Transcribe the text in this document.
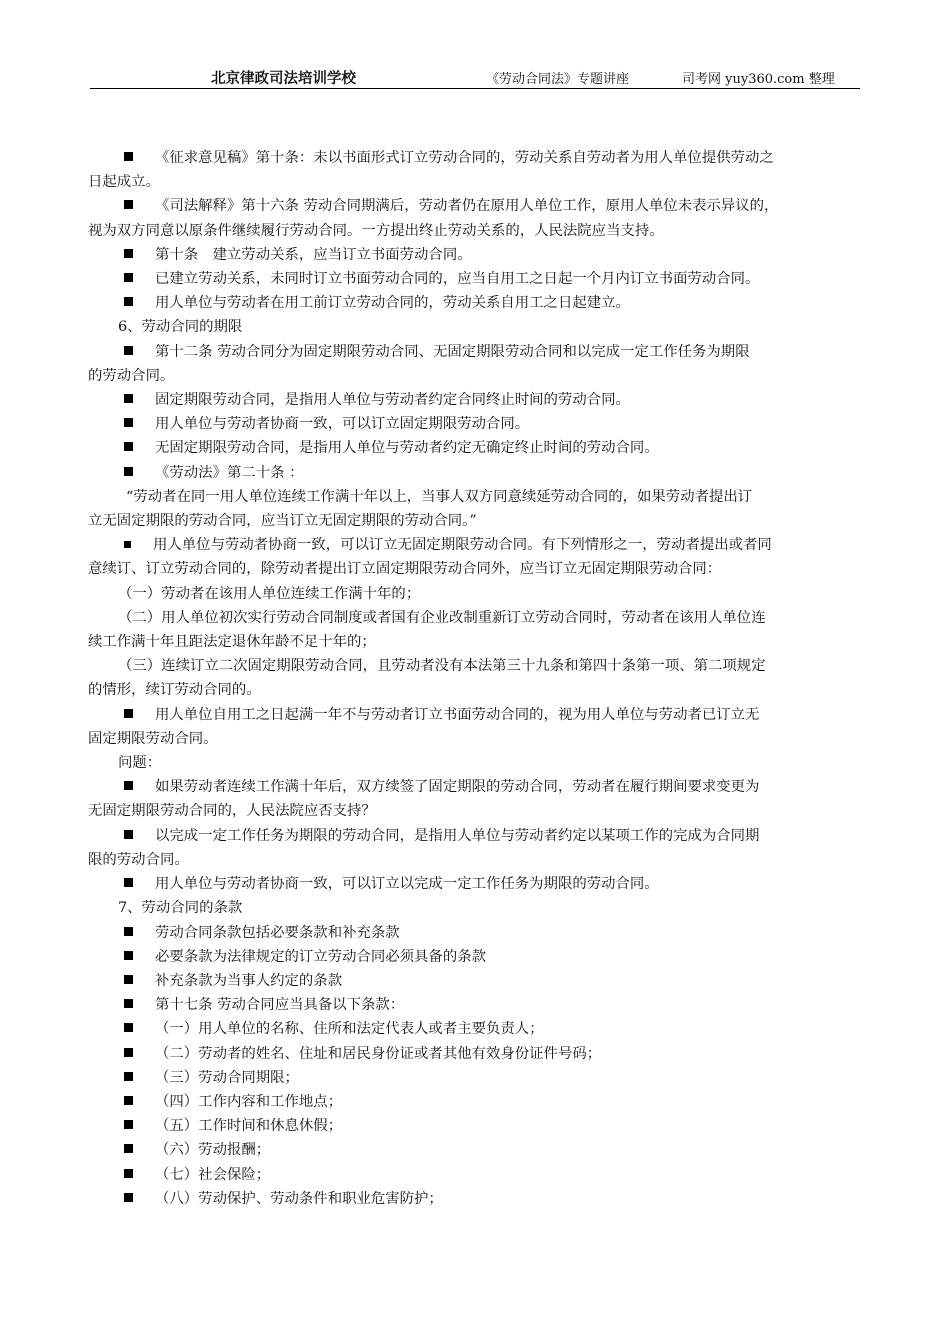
北京律政司法培训学校	《劳动合同法》专题讲座	司考网 yuy360.com 整理

《征求意见稿》第十条：未以书面形式订立劳动合同的，劳动关系自劳动者为用人单位提供劳动之
日起成立。

《司法解释》第十六条 劳动合同期满后，劳动者仍在原用人单位工作，原用人单位未表示异议的，
视为双方同意以原条件继续履行劳动合同。一方提出终止劳动关系的，人民法院应当支持。

第十条　建立劳动关系，应当订立书面劳动合同。

已建立劳动关系，未同时订立书面劳动合同的，应当自用工之日起一个月内订立书面劳动合同。

用人单位与劳动者在用工前订立劳动合同的，劳动关系自用工之日起建立。

6、劳动合同的期限

第十二条 劳动合同分为固定期限劳动合同、无固定期限劳动合同和以完成一定工作任务为期限
的劳动合同。

固定期限劳动合同，是指用人单位与劳动者约定合同终止时间的劳动合同。

用人单位与劳动者协商一致，可以订立固定期限劳动合同。

无固定期限劳动合同，是指用人单位与劳动者约定无确定终止时间的劳动合同。

《劳动法》第二十条 ：

“劳动者在同一用人单位连续工作满十年以上，当事人双方同意续延劳动合同的，如果劳动者提出订
立无固定期限的劳动合同，应当订立无固定期限的劳动合同。”

用人单位与劳动者协商一致，可以订立无固定期限劳动合同。有下列情形之一，劳动者提出或者同
意续订、订立劳动合同的，除劳动者提出订立固定期限劳动合同外，应当订立无固定期限劳动合同：

（一）劳动者在该用人单位连续工作满十年的；

（二）用人单位初次实行劳动合同制度或者国有企业改制重新订立劳动合同时，劳动者在该用人单位连
续工作满十年且距法定退休年龄不足十年的；

（三）连续订立二次固定期限劳动合同，且劳动者没有本法第三十九条和第四十条第一项、第二项规定
的情形，续订劳动合同的。

用人单位自用工之日起满一年不与劳动者订立书面劳动合同的，视为用人单位与劳动者已订立无
固定期限劳动合同。

问题：

如果劳动者连续工作满十年后，双方续签了固定期限的劳动合同，劳动者在履行期间要求变更为
无固定期限劳动合同的，人民法院应否支持？

以完成一定工作任务为期限的劳动合同，是指用人单位与劳动者约定以某项工作的完成为合同期
限的劳动合同。

用人单位与劳动者协商一致，可以订立以完成一定工作任务为期限的劳动合同。

7、劳动合同的条款

劳动合同条款包括必要条款和补充条款

必要条款为法律规定的订立劳动合同必须具备的条款

补充条款为当事人约定的条款

第十七条 劳动合同应当具备以下条款：

（一）用人单位的名称、住所和法定代表人或者主要负责人；

（二）劳动者的姓名、住址和居民身份证或者其他有效身份证件号码；

（三）劳动合同期限；

（四）工作内容和工作地点；

（五）工作时间和休息休假；

（六）劳动报酬；

（七）社会保险；

（八）劳动保护、劳动条件和职业危害防护；
